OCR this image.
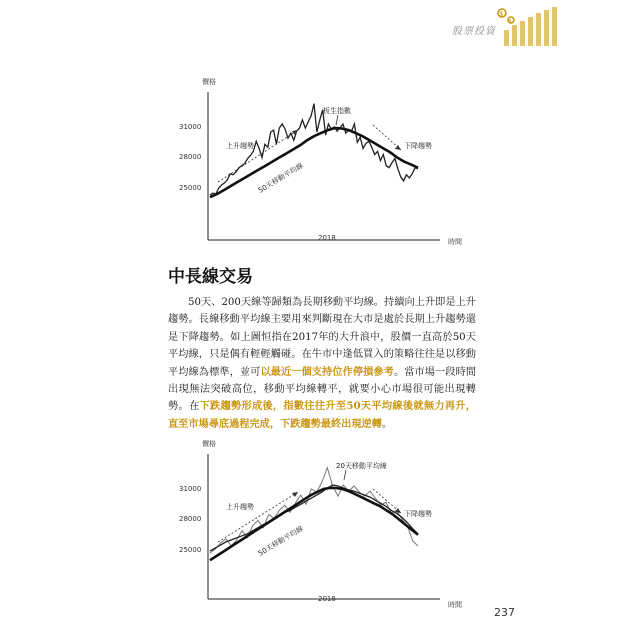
股票投資
$
$
價格
31000
28000
25000
2018	時間
上升趨勢	下降趨勢
板生指數
50天移動平均線
中長線交易
50天、200天線等歸類為長期移動平均線。持續向上升即是上升趨勢。長線移動平均線主要用來判斷現在大市是處於長期上升趨勢還是下降趨勢。如上圖恒指在2017年的大升浪中，股價一直高於50天平均線，只是偶有輕輕觸碰。在牛市中逢低買入的策略往往是以移動平均線為標準，並可以最近一個支持位作停損參考。當市場一段時間出現無法突破高位，移動平均線轉平，就要小心市場很可能出現轉勢。在下跌趨勢形成後，指數往往升至50天平均線後就無力再升，直至市場尋底過程完成，下跌趨勢最終出現逆轉。
價格
31000
28000
25000
2018
時間
上升趨勢
下降趨勢
20天移動平均線
50天移動平均線
237
